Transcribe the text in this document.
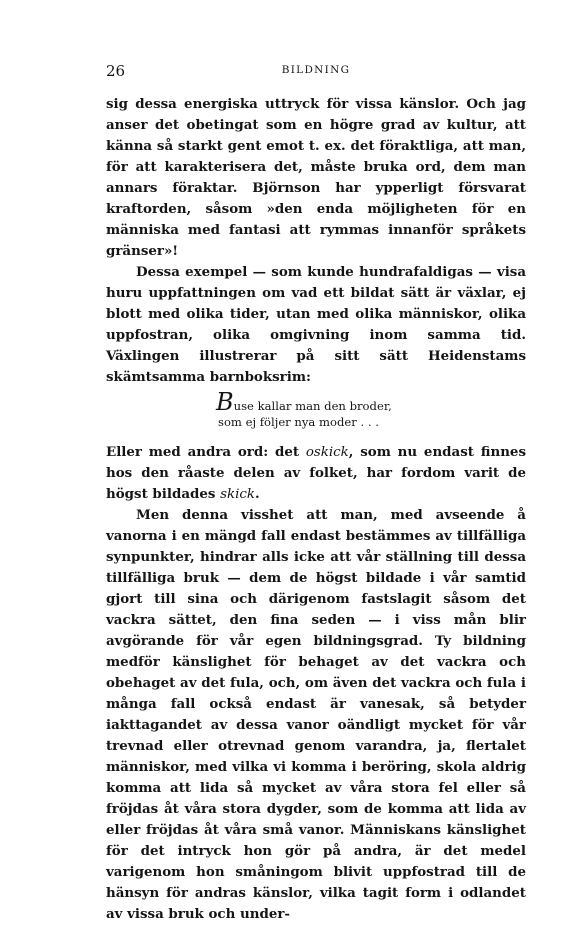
26	BILDNING

sig dessa energiska uttryck för vissa känslor. Och jag anser det obetingat som en högre grad av kultur, att känna så starkt gent emot t. ex. det föraktliga, att man, för att karakterisera det, måste bruka ord, dem man annars föraktar. Björnson har ypperligt försvarat kraftorden, såsom »den enda möjligheten för en människa med fantasi att rymmas innanför språkets gränser»!

Dessa exempel — som kunde hundrafaldigas — visa huru uppfattningen om vad ett bildat sätt är växlar, ej blott med olika tider, utan med olika människor, olika uppfostran, olika omgivning inom samma tid. Växlingen illustrerar på sitt sätt Heidenstams skämtsamma barnboksrim:

Buse kallar man den broder,
som ej följer nya moder . . .

Eller med andra ord: det oskick, som nu endast finnes hos den råaste delen av folket, har fordom varit de högst bildades skick.

Men denna visshet att man, med avseende å vanorna i en mängd fall endast bestämmes av tillfälliga synpunkter, hindrar alls icke att vår ställning till dessa tillfälliga bruk — dem de högst bildade i vår samtid gjort till sina och därigenom fastslagit såsom det vackra sättet, den fina seden — i viss mån blir avgörande för vår egen bildningsgrad. Ty bildning medför känslighet för behaget av det vackra och obehaget av det fula, och, om även det vackra och fula i många fall också endast är vanesak, så betyder iakttagandet av dessa vanor oändligt mycket för vår trevnad eller otrevnad genom varandra, ja, flertalet människor, med vilka vi komma i beröring, skola aldrig komma att lida så mycket av våra stora fel eller så fröjdas åt våra stora dygder, som de komma att lida av eller fröjdas åt våra små vanor. Människans känslighet för det intryck hon gör på andra, är det medel varigenom hon småningom blivit uppfostrad till de hänsyn för andras känslor, vilka tagit form i odlandet av vissa bruk och under-
